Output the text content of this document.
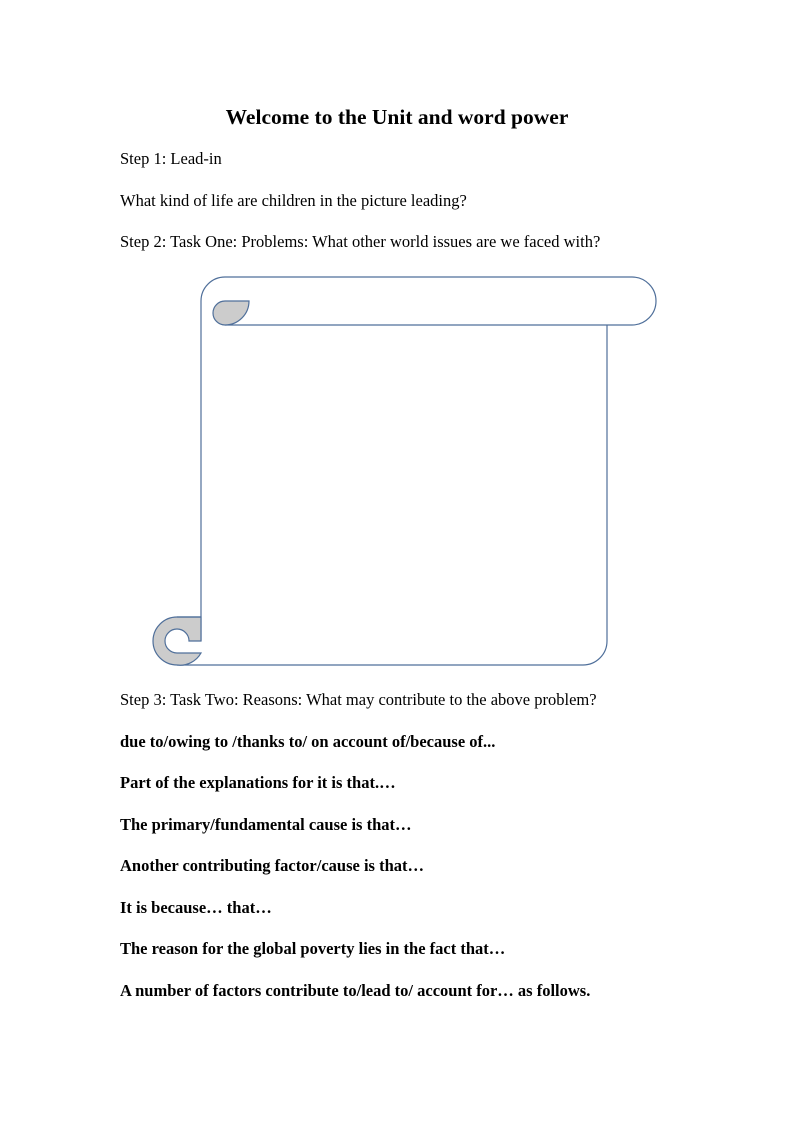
Welcome to the Unit and word power

Step 1: Lead-in

What kind of life are children in the picture leading?

Step 2: Task One: Problems: What other world issues are we faced with?

Step 3: Task Two: Reasons: What may contribute to the above problem?

due to/owing to /thanks to/ on account of/because of...

Part of the explanations for it is that.…

The primary/fundamental cause is that…

Another contributing factor/cause is that…

It is because… that…

The reason for the global poverty lies in the fact that…

A number of factors contribute to/lead to/ account for… as follows.
